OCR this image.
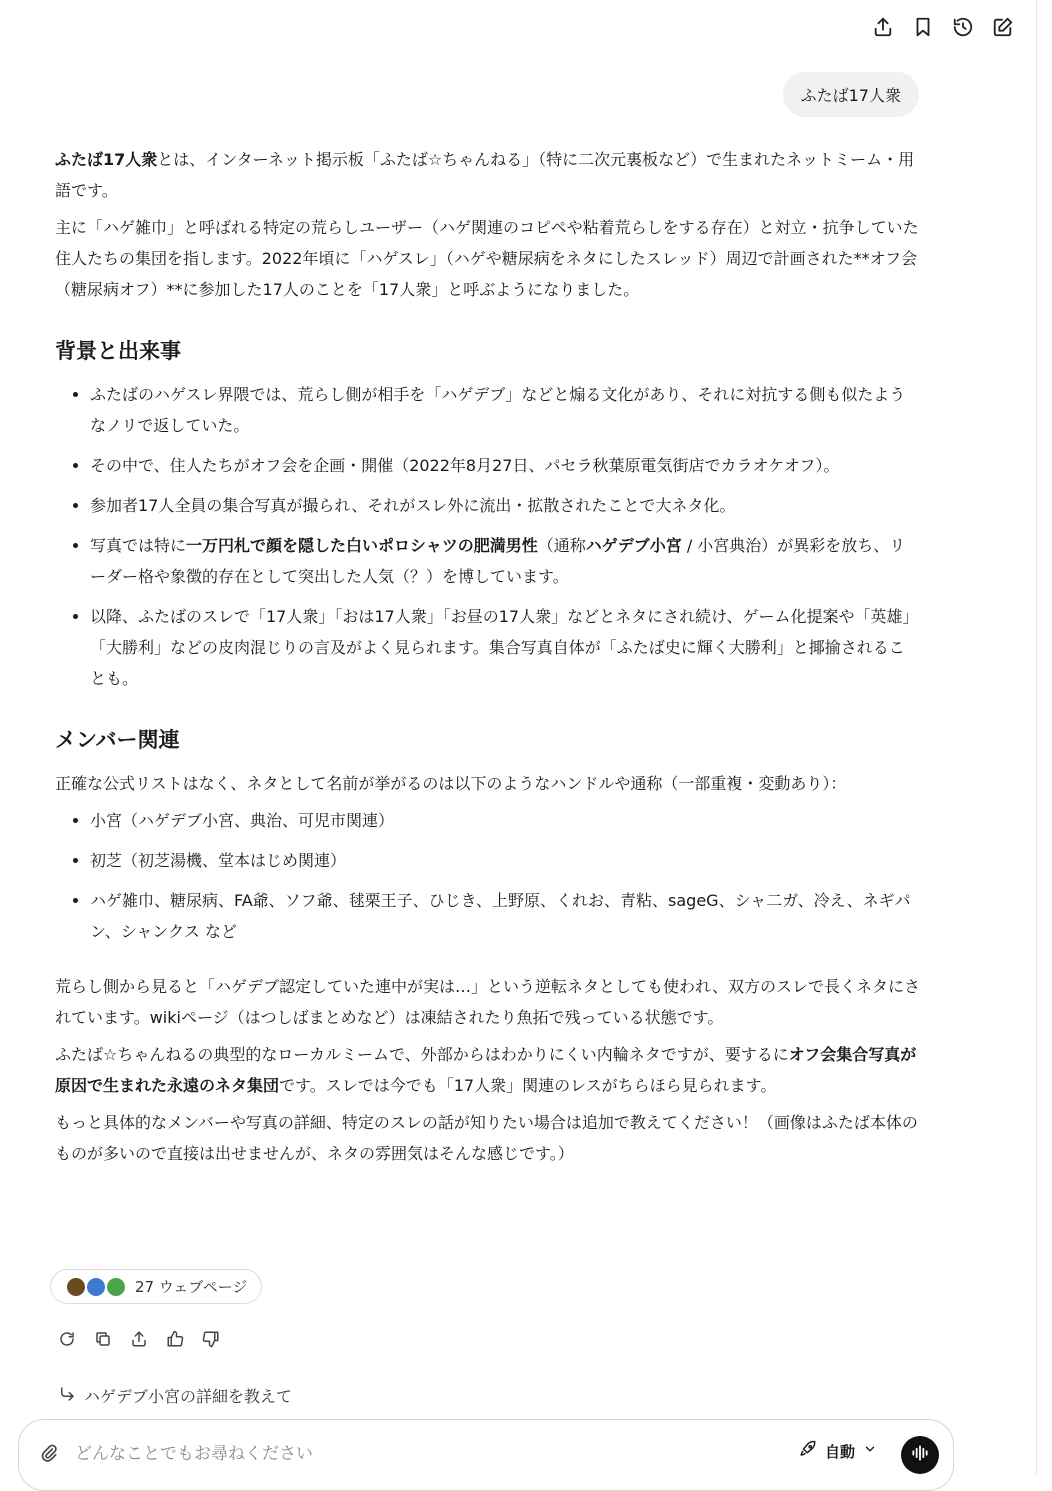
ふたば17人衆

ふたば17人衆とは、インターネット掲示板「ふたば☆ちゃんねる」（特に二次元裏板など）で生まれたネットミーム・用語です。

主に「ハゲ雑巾」と呼ばれる特定の荒らしユーザー（ハゲ関連のコピペや粘着荒らしをする存在）と対立・抗争していた住人たちの集団を指します。2022年頃に「ハゲスレ」（ハゲや糖尿病をネタにしたスレッド）周辺で計画された**オフ会（糖尿病オフ）**に参加した17人のことを「17人衆」と呼ぶようになりました。

背景と出来事
• ふたばのハゲスレ界隈では、荒らし側が相手を「ハゲデブ」などと煽る文化があり、それに対抗する側も似たようなノリで返していた。
• その中で、住人たちがオフ会を企画・開催（2022年8月27日、パセラ秋葉原電気街店でカラオケオフ）。
• 参加者17人全員の集合写真が撮られ、それがスレ外に流出・拡散されたことで大ネタ化。
• 写真では特に一万円札で顔を隠した白いポロシャツの肥満男性（通称ハゲデブ小宮 / 小宮典治）が異彩を放ち、リーダー格や象徴的存在として突出した人気（？）を博しています。
• 以降、ふたばのスレで「17人衆」「おは17人衆」「お昼の17人衆」などとネタにされ続け、ゲーム化提案や「英雄」「大勝利」などの皮肉混じりの言及がよく見られます。集合写真自体が「ふたば史に輝く大勝利」と揶揄されることも。
メンバー関連

正確な公式リストはなく、ネタとして名前が挙がるのは以下のようなハンドルや通称（一部重複・変動あり）：

• 小宮（ハゲデブ小宮、典治、可児市関連）
• 初芝（初芝湯機、堂本はじめ関連）
• ハゲ雑巾、糖尿病、FA爺、ソフ爺、毬栗王子、ひじき、上野原、くれお、青粘、sageG、シャ二ガ、冷え、ネギパン、シャンクス など

荒らし側から見ると「ハゲデブ認定していた連中が実は…」という逆転ネタとしても使われ、双方のスレで長くネタにされています。wikiページ（はつしばまとめなど）は凍結されたり魚拓で残っている状態です。

ふたば☆ちゃんねるの典型的なローカルミームで、外部からはわかりにくい内輪ネタですが、要するにオフ会集合写真が原因で生まれた永遠のネタ集団です。スレでは今でも「17人衆」関連のレスがちらほら見られます。

もっと具体的なメンバーや写真の詳細、特定のスレの話が知りたい場合は追加で教えてください！（画像はふたば本体のものが多いので直接は出せませんが、ネタの雰囲気はそんな感じです。）

27 ウェブページ
ハゲデブ小宮の詳細を教えて
どんなことでもお尋ねください
自動
